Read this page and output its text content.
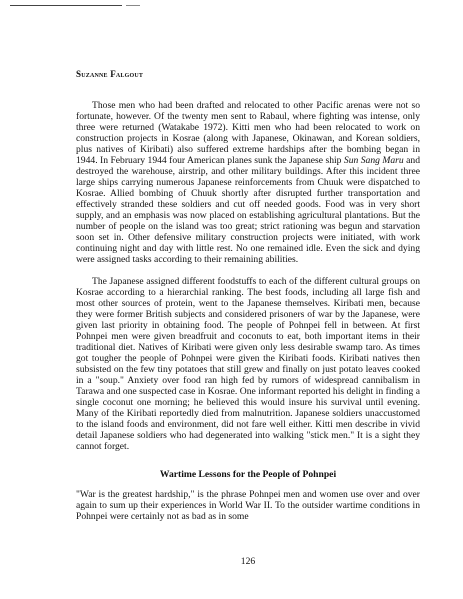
Suzanne Falgout

Those men who had been drafted and relocated to other Pacific arenas were not so fortunate, however. Of the twenty men sent to Rabaul, where fighting was intense, only three were returned (Watakabe 1972). Kitti men who had been relocated to work on construction projects in Kosrae (along with Japanese, Okinawan, and Korean soldiers, plus natives of Kiribati) also suffered extreme hardships after the bombing began in 1944. In February 1944 four American planes sunk the Japanese ship Sun Sang Maru and destroyed the warehouse, airstrip, and other military buildings. After this incident three large ships carrying numerous Japanese reinforcements from Chuuk were dispatched to Kosrae. Allied bombing of Chuuk shortly after disrupted further transportation and effectively stranded these soldiers and cut off needed goods. Food was in very short supply, and an emphasis was now placed on establishing agricultural plantations. But the number of people on the island was too great; strict rationing was begun and starvation soon set in. Other defensive military construction projects were initiated, with work continuing night and day with little rest. No one remained idle. Even the sick and dying were assigned tasks according to their remaining abilities.

The Japanese assigned different foodstuffs to each of the different cultural groups on Kosrae according to a hierarchial ranking. The best foods, including all large fish and most other sources of protein, went to the Japanese themselves. Kiribati men, because they were former British subjects and considered prisoners of war by the Japanese, were given last priority in obtaining food. The people of Pohnpei fell in between. At first Pohnpei men were given breadfruit and coconuts to eat, both important items in their traditional diet. Natives of Kiribati were given only less desirable swamp taro. As times got tougher the people of Pohnpei were given the Kiribati foods. Kiribati natives then subsisted on the few tiny potatoes that still grew and finally on just potato leaves cooked in a "soup." Anxiety over food ran high fed by rumors of widespread cannibalism in Tarawa and one suspected case in Kosrae. One informant reported his delight in finding a single coconut one morning; he believed this would insure his survival until evening. Many of the Kiribati reportedly died from malnutrition. Japanese soldiers unaccustomed to the island foods and environment, did not fare well either. Kitti men describe in vivid detail Japanese soldiers who had degenerated into walking "stick men." It is a sight they cannot forget.

Wartime Lessons for the People of Pohnpei

"War is the greatest hardship," is the phrase Pohnpei men and women use over and over again to sum up their experiences in World War II. To the outsider wartime conditions in Pohnpei were certainly not as bad as in some

126
